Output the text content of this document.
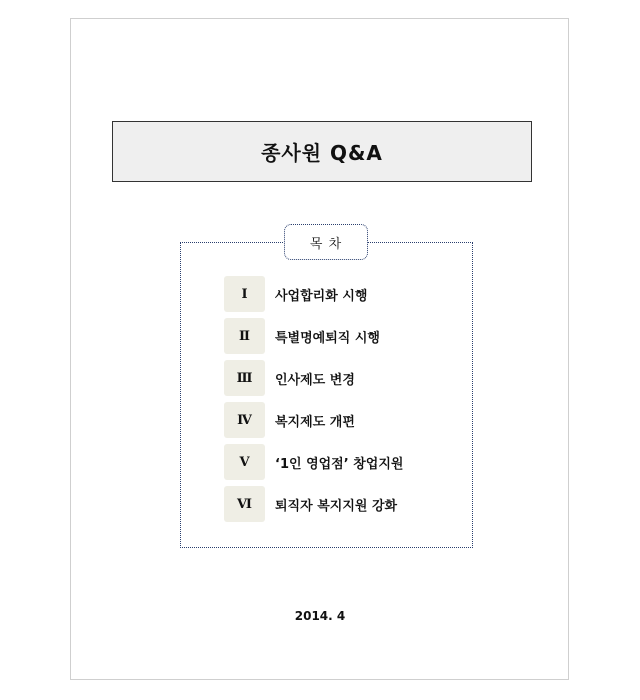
종사원 Q&A
목 차
Ⅰ 사업합리화 시행
Ⅱ 특별명예퇴직 시행
Ⅲ 인사제도 변경
Ⅳ 복지제도 개편
Ⅴ ‘1인 영업점’ 창업지원
Ⅵ 퇴직자 복지지원 강화
2014. 4
